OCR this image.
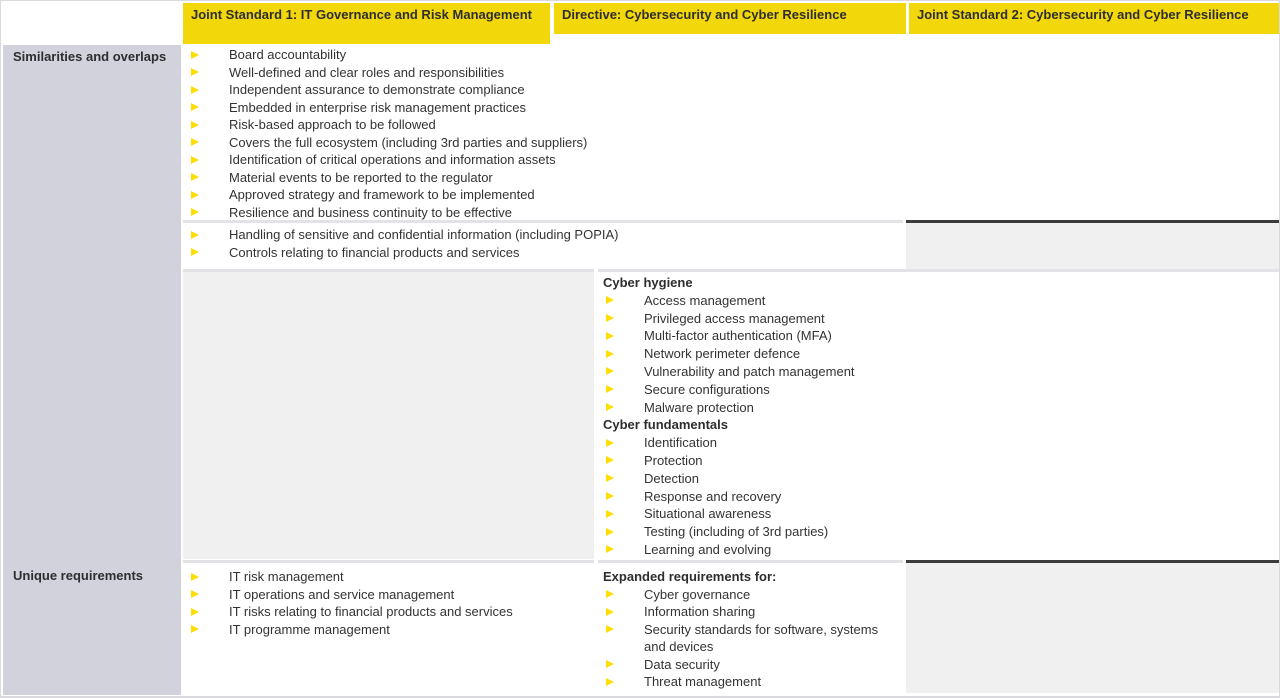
Joint Standard 1: IT Governance and Risk Management	Directive: Cybersecurity and Cyber Resilience	Joint Standard 2: Cybersecurity and Cyber Resilience
Similarities and overlaps
Unique requirements
Board accountability
Well-defined and clear roles and responsibilities
Independent assurance to demonstrate compliance
Embedded in enterprise risk management practices
Risk-based approach to be followed
Covers the full ecosystem (including 3rd parties and suppliers)
Identification of critical operations and information assets
Material events to be reported to the regulator
Approved strategy and framework to be implemented
Resilience and business continuity to be effective
Handling of sensitive and confidential information (including POPIA)
Controls relating to financial products and services
Cyber hygiene
Access management
Privileged access management
Multi-factor authentication (MFA)
Network perimeter defence
Vulnerability and patch management
Secure configurations
Malware protection
Cyber fundamentals
Identification
Protection
Detection
Response and recovery
Situational awareness
Testing (including of 3rd parties)
Learning and evolving
IT risk management
IT operations and service management
IT risks relating to financial products and services
IT programme management
Expanded requirements for:
Cyber governance
Information sharing
Security standards for software, systems and devices
Data security
Threat management
